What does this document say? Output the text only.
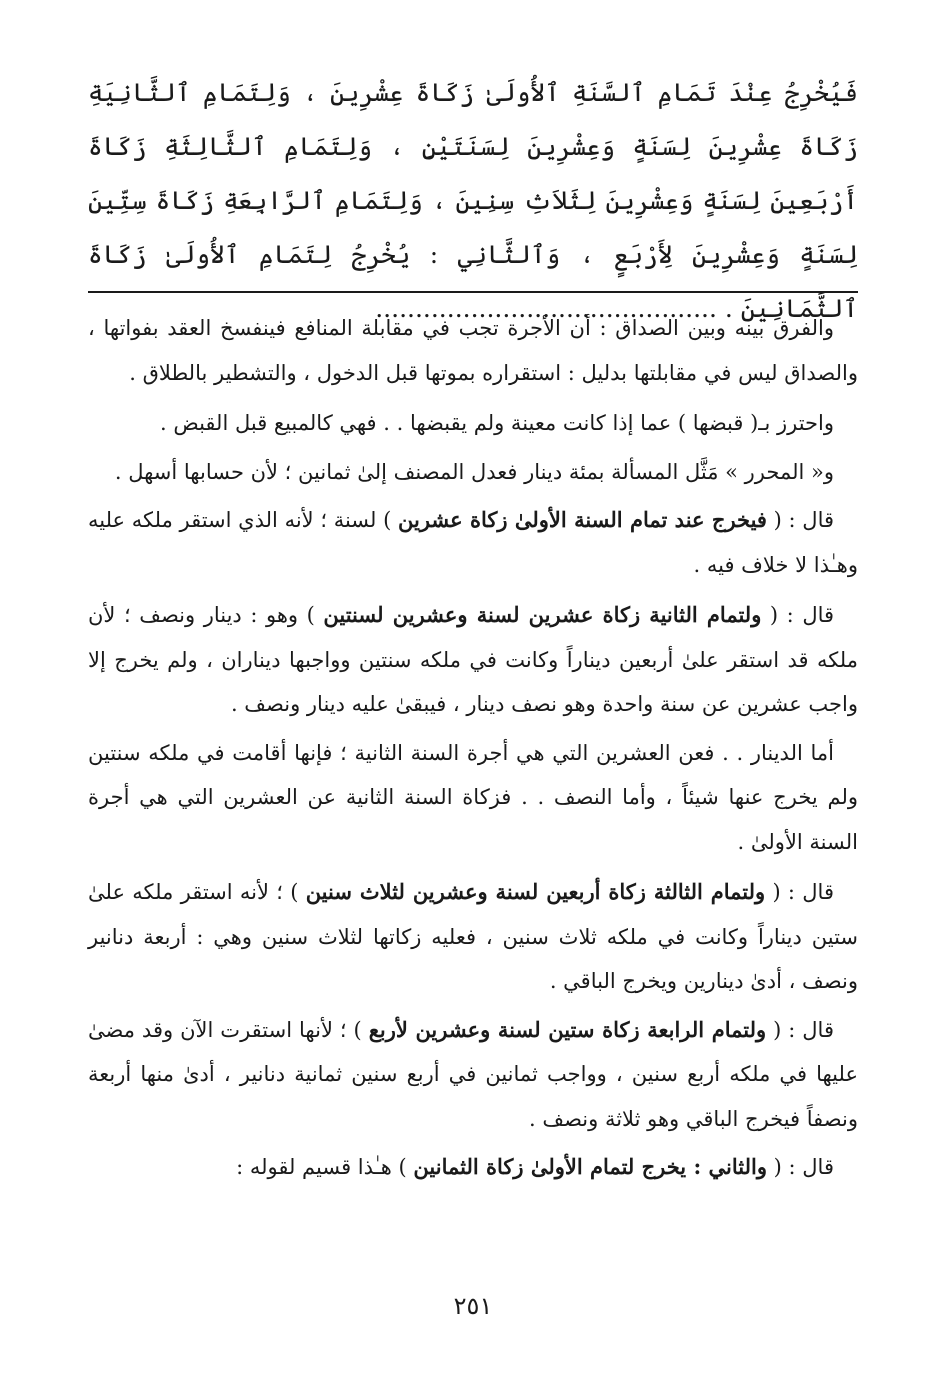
فَيُخْرِجُ عِنْدَ تَمَامِ ٱلسَّنَةِ ٱلأُولَىٰ زَكَاةَ عِشْرِينَ ، وَلِتَمَامِ ٱلثَّانِيَةِ زَكَاةَ عِشْرِينَ لِسَنَةٍ وَعِشْرِينَ لِسَنَتَيْنِ ، وَلِتَمَامِ ٱلثَّالِثَةِ زَكَاةَ أَرْبَعِينَ لِسَنَةٍ وَعِشْرِينَ لِثَلاَثِ سِنِينَ ، وَلِتَمَامِ ٱلرَّابِعَةِ زَكَاةَ سِتِّينَ لِسَنَةٍ وَعِشْرِينَ لِأَرْبَعٍ ، وَٱلثَّانِي : يُخْرِجُ لِتَمَامِ ٱلأُولَىٰ زَكَاةَ ٱلثَّمَانِينَ . ...........................................

والفرق بينه وبين الصداق : أن الأجرة تجب في مقابلة المنافع فينفسخ العقد بفواتها ، والصداق ليس في مقابلتها بدليل : استقراره بموتها قبل الدخول ، والتشطير بالطلاق .

واحترز بـ( قبضها ) عما إذا كانت معينة ولم يقبضها . . فهي كالمبيع قبل القبض .

و« المحرر » مَثَّل المسألة بمئة دينار فعدل المصنف إلىٰ ثمانين ؛ لأن حسابها أسهل .

قال : ( فيخرج عند تمام السنة الأولىٰ زكاة عشرين ) لسنة ؛ لأنه الذي استقر ملكه عليه وهـٰذا لا خلاف فيه .

قال : ( ولتمام الثانية زكاة عشرين لسنة وعشرين لسنتين ) وهو : دينار ونصف ؛ لأن ملكه قد استقر علىٰ أربعين ديناراً وكانت في ملكه سنتين وواجبها ديناران ، ولم يخرج إلا واجب عشرين عن سنة واحدة وهو نصف دينار ، فيبقىٰ عليه دينار ونصف .

أما الدينار . . فعن العشرين التي هي أجرة السنة الثانية ؛ فإنها أقامت في ملكه سنتين ولم يخرج عنها شيئاً ، وأما النصف . . فزكاة السنة الثانية عن العشرين التي هي أجرة السنة الأولىٰ .

قال : ( ولتمام الثالثة زكاة أربعين لسنة وعشرين لثلاث سنين ) ؛ لأنه استقر ملكه علىٰ ستين ديناراً وكانت في ملكه ثلاث سنين ، فعليه زكاتها لثلاث سنين وهي : أربعة دنانير ونصف ، أدىٰ دينارين ويخرج الباقي .

قال : ( ولتمام الرابعة زكاة ستين لسنة وعشرين لأربع ) ؛ لأنها استقرت الآن وقد مضىٰ عليها في ملكه أربع سنين ، وواجب ثمانين في أربع سنين ثمانية دنانير ، أدىٰ منها أربعة ونصفاً فيخرج الباقي وهو ثلاثة ونصف .

قال : ( والثاني : يخرج لتمام الأولىٰ زكاة الثمانين ) هـٰذا قسيم لقوله :

٢٥١
